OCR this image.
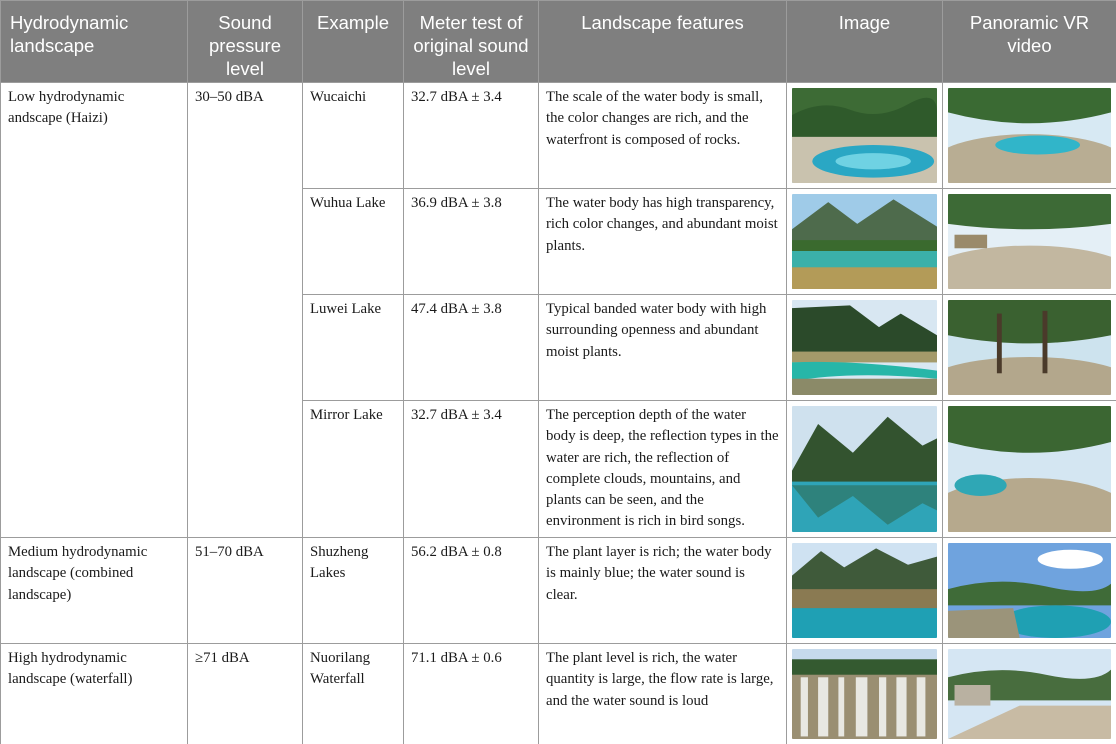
Hydrodynamic landscape	Sound pressure level	Example	Meter test of original sound level	Landscape features	Image	Panoramic VR video
Low hydrodynamic andscape (Haizi)	30–50 dBA	Wucaichi	32.7 dBA ± 3.4	The scale of the water body is small, the color changes are rich, and the waterfront is composed of rocks.	

		Wuhua Lake	36.9 dBA ± 3.8	The water body has high transparency, rich color changes, and abundant moist plants.	

		Luwei Lake	47.4 dBA ± 3.8	Typical banded water body with high surrounding openness and abundant moist plants.	

		Mirror Lake	32.7 dBA ± 3.4	The perception depth of the water body is deep, the reflection types in the water are rich, the reflection of complete clouds, mountains, and plants can be seen, and the environment is rich in bird songs.	

Medium hydrodynamic landscape (combined landscape)	51–70 dBA	Shuzheng Lakes	56.2 dBA ± 0.8	The plant layer is rich; the water body is mainly blue; the water sound is clear.	

High hydrodynamic landscape (waterfall)	≥71 dBA	Nuorilang Waterfall	71.1 dBA ± 0.6	The plant level is rich, the water quantity is large, the flow rate is large, and the water sound is loud	
